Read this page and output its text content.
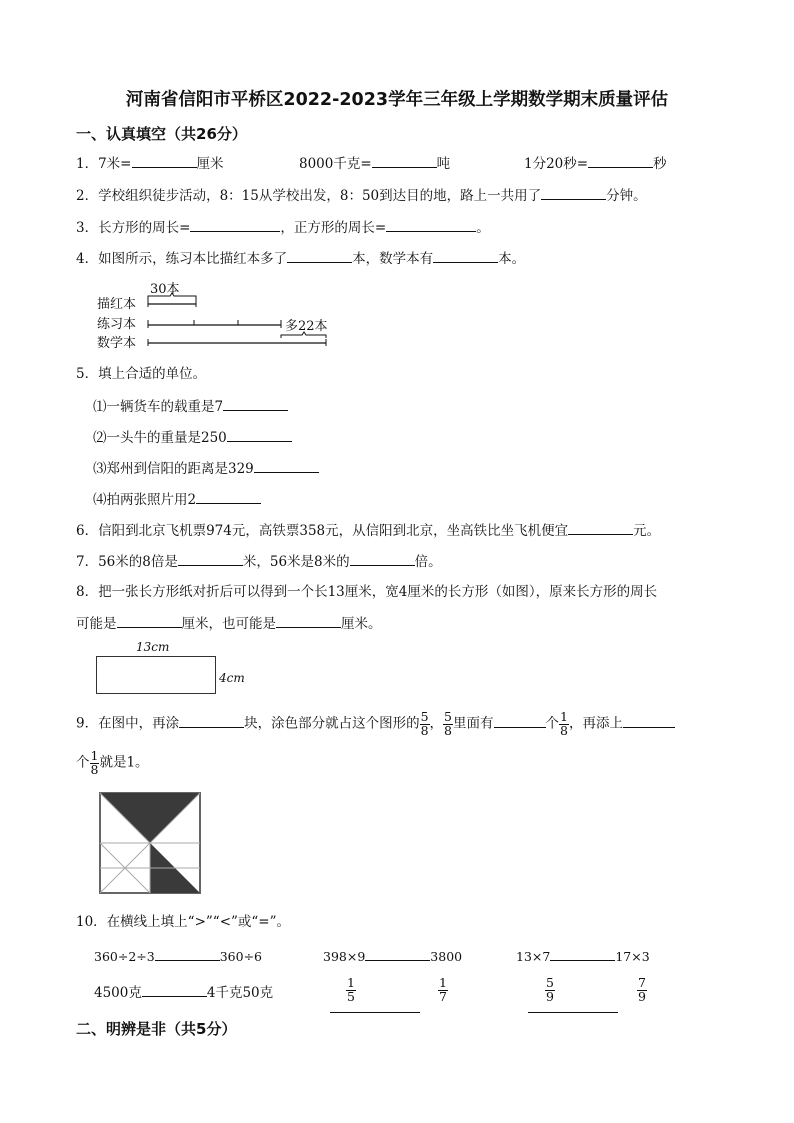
河南省信阳市平桥区2022-2023学年三年级上学期数学期末质量评估
一、认真填空（共26分）
1．7米=	厘米	8000千克=	吨	1分20秒=	秒
2．学校组织徒步活动，8：15从学校出发，8：50到达目的地，路上一共用了	分钟。
3．长方形的周长=	，正方形的周长=	。
4．如图所示，练习本比描红本多了	本，数学本有	本。
30本
描红本
练习本
数学本
多22本
5．填上合适的单位。
⑴一辆货车的载重是7
⑵一头牛的重量是250
⑶郑州到信阳的距离是329
⑷拍两张照片用2
6．信阳到北京飞机票974元，高铁票358元，从信阳到北京，坐高铁比坐飞机便宜	元。
7．56米的8倍是	米，56米是8米的	倍。
8．把一张长方形纸对折后可以得到一个长13厘米，宽4厘米的长方形（如图），原来长方形的周长
可能是	厘米，也可能是	厘米。
13cm
4cm
9．在图中，再涂	块，涂色部分就占这个图形的 $\frac{5}{8}$ ， $\frac{5}{8}$ 里面有	个 $\frac{1}{8}$ ，再添上
个 $\frac{1}{8}$ 就是1。
10．在横线上填上“>”“<”或“=”。
360÷2÷3	360÷6	398×9	3800	13×7	17×3
4500克	4千克50克	$\frac{1}{5}$	$\frac{1}{7}$	$\frac{5}{9}$	$\frac{7}{9}$
二、明辨是非（共5分）
